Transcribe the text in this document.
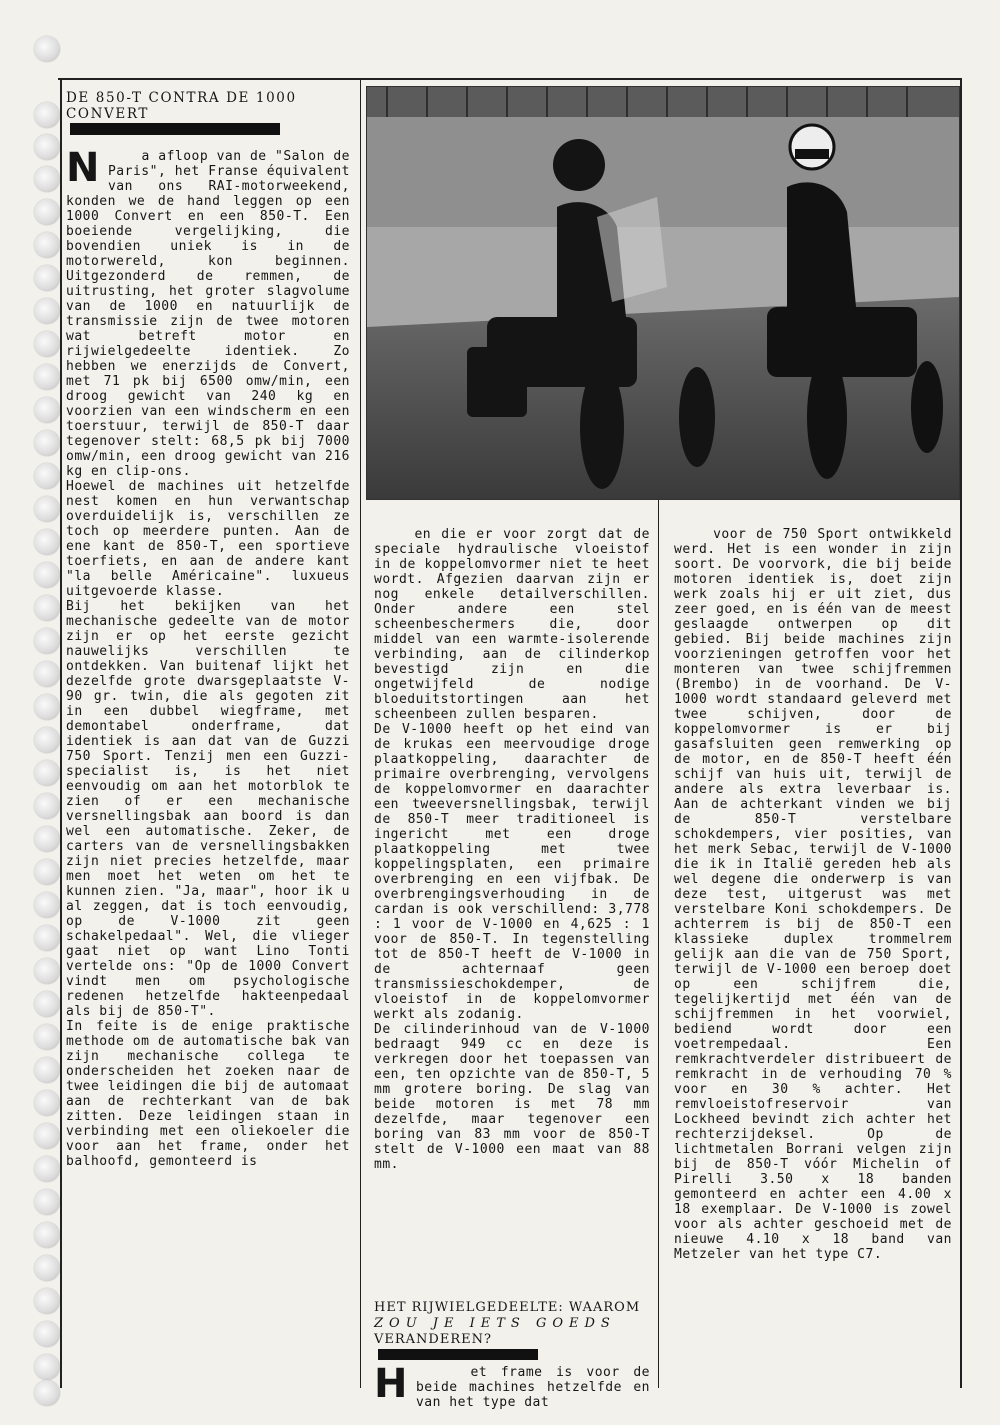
DE 850-T CONTRA DE 1000
CONVERT

N	a afloop van de "Salon de Paris", het Franse équivalent van ons RAI-motorweekend, konden we de hand leggen op een 1000 Convert en een 850-T. Een boeiende vergelijking, die bovendien uniek is in de motorwereld, kon beginnen. Uitgezonderd de remmen, de uitrusting, het groter slagvolume van de 1000 en natuurlijk de transmissie zijn de twee motoren wat betreft motor en rijwielgedeelte identiek. Zo hebben we enerzijds de Convert, met 71 pk bij 6500 omw/min, een droog gewicht van 240 kg en voorzien van een windscherm en een toerstuur, terwijl de 850-T daar tegenover stelt: 68,5 pk bij 7000 omw/min, een droog gewicht van 216 kg en clip-ons.
Hoewel de machines uit hetzelfde nest komen en hun verwantschap overduidelijk is, verschillen ze toch op meerdere punten. Aan de ene kant de 850-T, een sportieve toerfiets, en aan de andere kant "la belle Américaine". luxueus uitgevoerde klasse.
Bij het bekijken van het mechanische gedeelte van de motor zijn er op het eerste gezicht nauwelijks verschillen te ontdekken. Van buitenaf lijkt het dezelfde grote dwarsgeplaatste V-90 gr. twin, die als gegoten zit in een dubbel wiegframe, met demontabel onderframe, dat identiek is aan dat van de Guzzi 750 Sport. Tenzij men een Guzzi-specialist is, is het niet eenvoudig om aan het motorblok te zien of er een mechanische versnellingsbak aan boord is dan wel een automatische. Zeker, de carters van de versnellingsbakken zijn niet precies hetzelfde, maar men moet het weten om het te kunnen zien. "Ja, maar", hoor ik u al zeggen, dat is toch eenvoudig, op de V-1000 zit geen schakelpedaal". Wel, die vlieger gaat niet op want Lino Tonti vertelde ons: "Op de 1000 Convert vindt men om psychologische redenen hetzelfde hakteenpedaal als bij de 850-T".
In feite is de enige praktische methode om de automatische bak van zijn mechanische collega te onderscheiden het zoeken naar de twee leidingen die bij de automaat aan de rechterkant van de bak zitten. Deze leidingen staan in verbinding met een oliekoeler die voor aan het frame, onder het balhoofd, gemonteerd is

en die er voor zorgt dat de speciale hydraulische vloeistof in de koppelomvormer niet te heet wordt. Afgezien daarvan zijn er nog enkele detailverschillen. Onder andere een stel scheenbeschermers die, door middel van een warmte-isolerende verbinding, aan de cilinderkop bevestigd zijn en die ongetwijfeld de nodige bloeduitstortingen aan het scheenbeen zullen besparen.
De V-1000 heeft op het eind van de krukas een meervoudige droge plaatkoppeling, daarachter de primaire overbrenging, vervolgens de koppelomvormer en daarachter een tweeversnellingsbak, terwijl de 850-T meer traditioneel is ingericht met een droge plaatkoppeling met twee koppelingsplaten, een primaire overbrenging en een vijfbak. De overbrengingsverhouding in de cardan is ook verschillend: 3,778 : 1 voor de V-1000 en 4,625 : 1 voor de 850-T. In tegenstelling tot de 850-T heeft de V-1000 in de achternaaf geen transmissieschokdemper, de vloeistof in de koppelomvormer werkt als zodanig.
De cilinderinhoud van de V-1000 bedraagt 949 cc en deze is verkregen door het toepassen van een, ten opzichte van de 850-T, 5 mm grotere boring. De slag van beide motoren is met 78 mm dezelfde, maar tegenover een boring van 83 mm voor de 850-T stelt de V-1000 een maat van 88 mm.

HET RIJWIELGEDEELTE: WAAROM
ZOU JE IETS GOEDS
VERANDEREN?

H	et frame is voor de beide machines hetzelfde en van het type dat

voor de 750 Sport ontwikkeld werd. Het is een wonder in zijn soort. De voorvork, die bij beide motoren identiek is, doet zijn werk zoals hij er uit ziet, dus zeer goed, en is één van de meest geslaagde ontwerpen op dit gebied. Bij beide machines zijn voorzieningen getroffen voor het monteren van twee schijfremmen (Brembo) in de voorhand. De V-1000 wordt standaard geleverd met twee schijven, door de koppelomvormer is er bij gasafsluiten geen remwerking op de motor, en de 850-T heeft één schijf van huis uit, terwijl de andere als extra leverbaar is. Aan de achterkant vinden we bij de 850-T verstelbare schokdempers, vier posities, van het merk Sebac, terwijl de V-1000 die ik in Italië gereden heb als wel degene die onderwerp is van deze test, uitgerust was met verstelbare Koni schokdempers. De achterrem is bij de 850-T een klassieke duplex trommelrem gelijk aan die van de 750 Sport, terwijl de V-1000 een beroep doet op een schijfrem die, tegelijkertijd met één van de schijfremmen in het voorwiel, bediend wordt door een voetrempedaal. Een remkrachtverdeler distribueert de remkracht in de verhouding 70 % voor en 30 % achter. Het remvloeistofreservoir van Lockheed bevindt zich achter het rechterzijdeksel. Op de lichtmetalen Borrani velgen zijn bij de 850-T vóór Michelin of Pirelli 3.50 x 18 banden gemonteerd en achter een 4.00 x 18 exemplaar. De V-1000 is zowel voor als achter geschoeid met de nieuwe 4.10 x 18 band van Metzeler van het type C7.
